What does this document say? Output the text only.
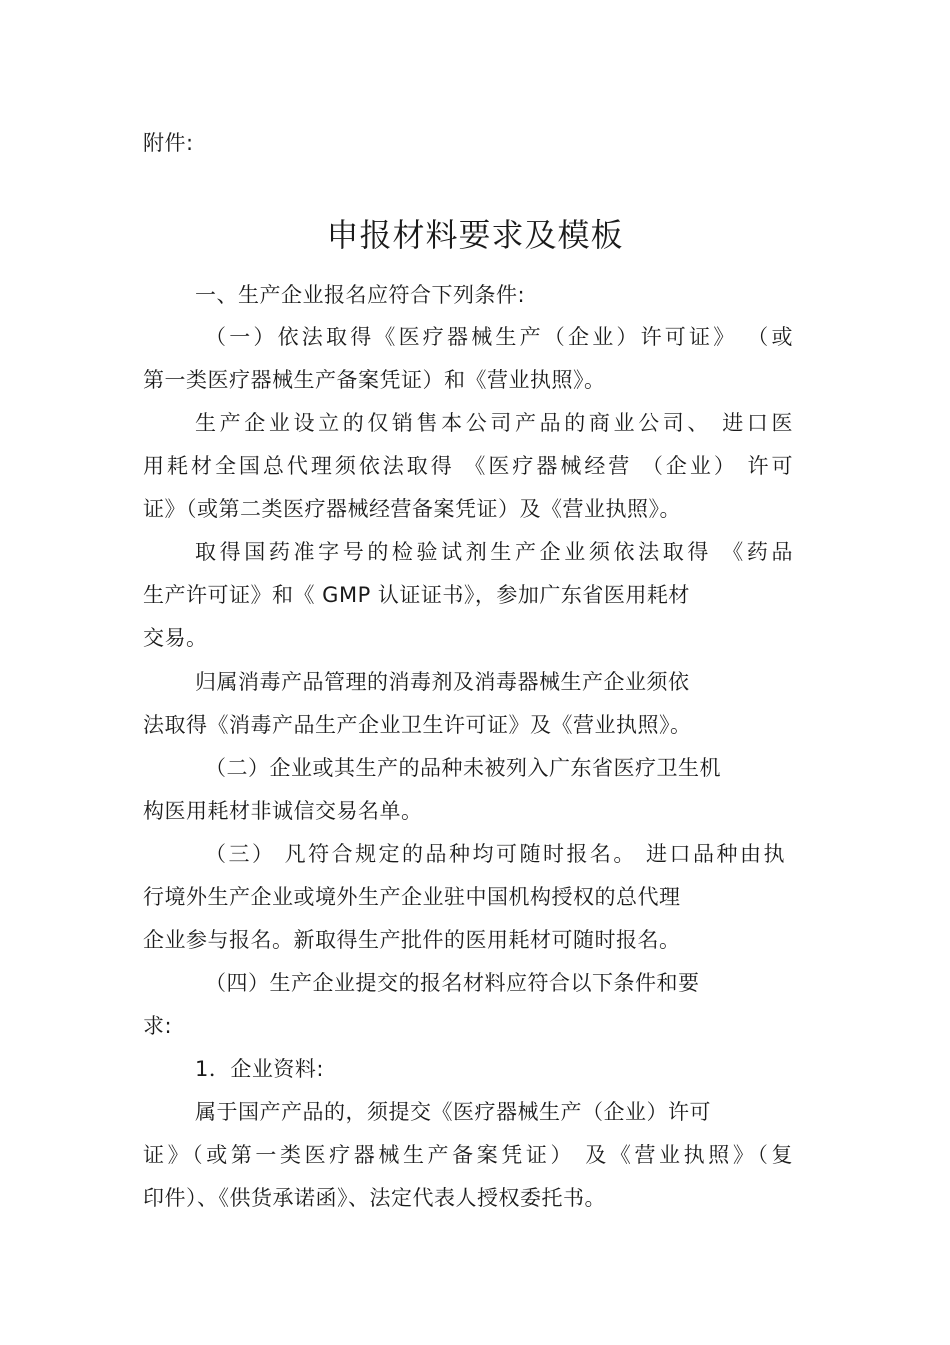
附件:
申报材料要求及模板
一、生产企业报名应符合下列条件:
（一）依法取得《医疗器械生产（企业）许可证》 （或
第一类医疗器械生产备案凭证）和《营业执照》。
生产企业设立的仅销售本公司产品的商业公司、 进口医
用耗材全国总代理须依法取得 《医疗器械经营 （企业） 许可
证》（或第二类医疗器械经营备案凭证）及《营业执照》。
取得国药准字号的检验试剂生产企业须依法取得 《药品
生产许可证》和《 GMP 认证证书》，参加广东省医用耗材
交易。
归属消毒产品管理的消毒剂及消毒器械生产企业须依
法取得《消毒产品生产企业卫生许可证》及《营业执照》。
（二）企业或其生产的品种未被列入广东省医疗卫生机
构医用耗材非诚信交易名单。
（三） 凡符合规定的品种均可随时报名。 进口品种由执
行境外生产企业或境外生产企业驻中国机构授权的总代理
企业参与报名。新取得生产批件的医用耗材可随时报名。
（四）生产企业提交的报名材料应符合以下条件和要
求:
1．企业资料:
属于国产产品的，须提交《医疗器械生产（企业）许可
证》（或第一类医疗器械生产备案凭证） 及《营业执照》（复
印件）、《供货承诺函》、法定代表人授权委托书。
